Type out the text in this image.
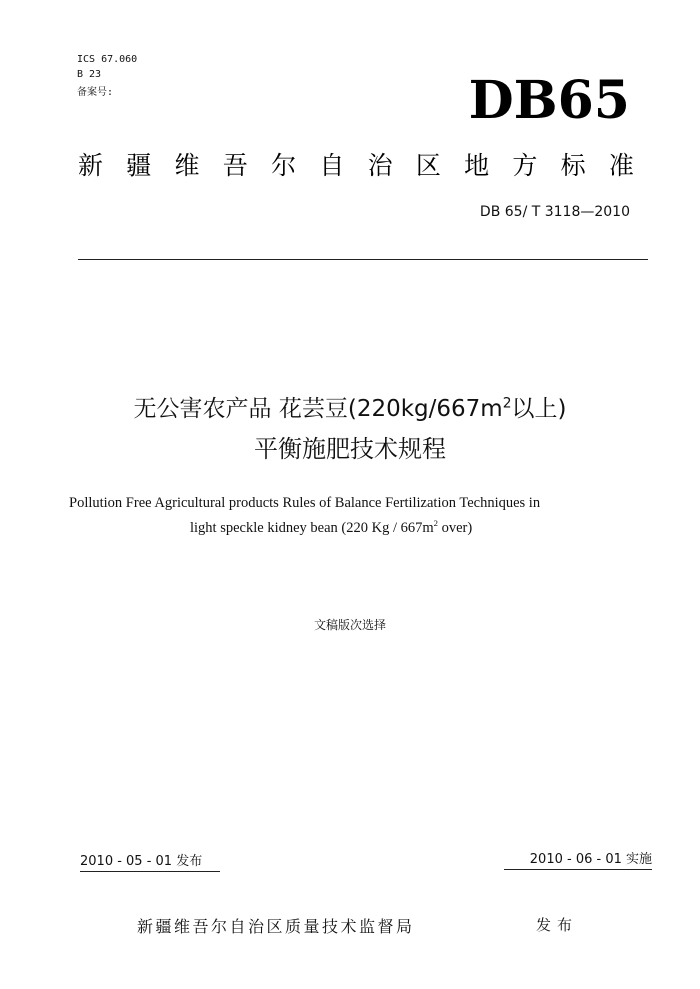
ICS 67.060
B 23
备案号:	DB65
新 疆 维 吾 尔 自 治 区 地 方 标 准
DB 65/ T 3118—2010
无公害农产品 花芸豆($220kg/667m^2$以上)
平衡施肥技术规程
Pollution Free Agricultural products Rules of Balance Fertilization Techniques in
light speckle kidney bean (220 Kg / $667m^2$ over)
文稿版次选择
2010 - 05 - 01 发布	2010 - 06 - 01 实施
新疆维吾尔自治区质量技术监督局	发布
